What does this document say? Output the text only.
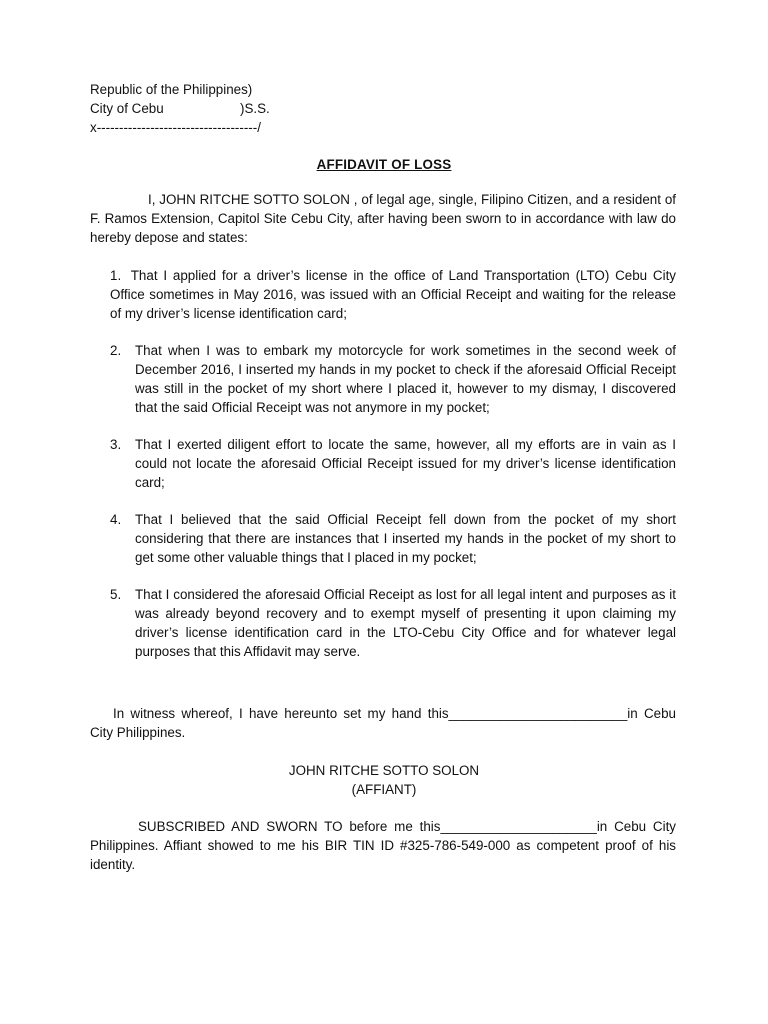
Republic of the Philippines)
City of Cebu	)S.S.
x------------------------------------/
AFFIDAVIT OF LOSS
I, JOHN RITCHE SOTTO SOLON , of legal age, single, Filipino Citizen, and a resident of F. Ramos Extension, Capitol Site Cebu City, after having been sworn to in accordance with law do hereby depose and states:
1. That I applied for a driver’s license in the office of Land Transportation (LTO) Cebu City Office sometimes in May 2016, was issued with an Official Receipt and waiting for the release of my driver’s license identification card;
2.	That when I was to embark my motorcycle for work sometimes in the second week of December 2016, I inserted my hands in my pocket to check if the aforesaid Official Receipt was still in the pocket of my short where I placed it, however to my dismay, I discovered that the said Official Receipt was not anymore in my pocket;
3.	That I exerted diligent effort to locate the same, however, all my efforts are in vain as I could not locate the aforesaid Official Receipt issued for my driver’s license identification card;
4.	That I believed that the said Official Receipt fell down from the pocket of my short considering that there are instances that I inserted my hands in the pocket of my short to get some other valuable things that I placed in my pocket;
5.	That I considered the aforesaid Official Receipt as lost for all legal intent and purposes as it was already beyond recovery and to exempt myself of presenting it upon claiming my driver’s license identification card in the LTO-Cebu City Office and for whatever legal purposes that this Affidavit may serve.
In witness whereof, I have hereunto set my hand this________________________in Cebu City Philippines.
JOHN RITCHE SOTTO SOLON
(AFFIANT)
SUBSCRIBED AND SWORN TO before me this_____________________in Cebu City Philippines. Affiant showed to me his BIR TIN ID #325-786-549-000 as competent proof of his identity.
